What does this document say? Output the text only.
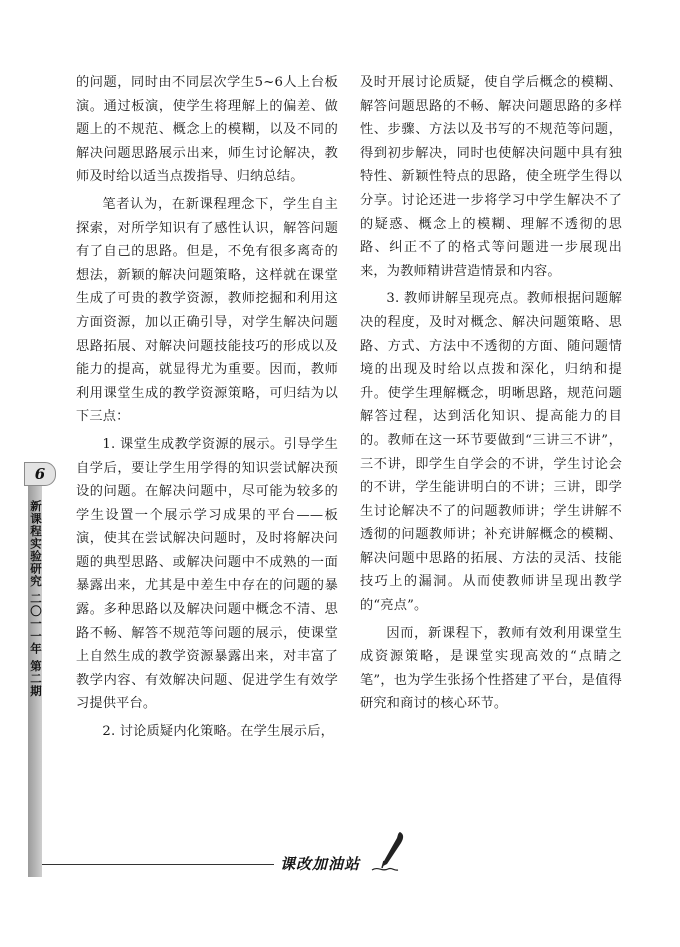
6
新课程实验研究 二〇一一年 第二期

的问题，同时由不同层次学生5~6人上台板演。通过板演，使学生将理解上的偏差、做题上的不规范、概念上的模糊，以及不同的解决问题思路展示出来，师生讨论解决，教师及时给以适当点拨指导、归纳总结。

笔者认为，在新课程理念下，学生自主探索，对所学知识有了感性认识，解答问题有了自己的思路。但是，不免有很多离奇的想法，新颖的解决问题策略，这样就在课堂生成了可贵的教学资源，教师挖掘和利用这方面资源，加以正确引导，对学生解决问题思路拓展、对解决问题技能技巧的形成以及能力的提高，就显得尤为重要。因而，教师利用课堂生成的教学资源策略，可归结为以下三点：

1. 课堂生成教学资源的展示。引导学生自学后，要让学生用学得的知识尝试解决预设的问题。在解决问题中，尽可能为较多的学生设置一个展示学习成果的平台——板演，使其在尝试解决问题时，及时将解决问题的典型思路、或解决问题中不成熟的一面暴露出来，尤其是中差生中存在的问题的暴露。多种思路以及解决问题中概念不清、思路不畅、解答不规范等问题的展示，使课堂上自然生成的教学资源暴露出来，对丰富了教学内容、有效解决问题、促进学生有效学习提供平台。

2. 讨论质疑内化策略。在学生展示后，

及时开展讨论质疑，使自学后概念的模糊、解答问题思路的不畅、解决问题思路的多样性、步骤、方法以及书写的不规范等问题，得到初步解决，同时也使解决问题中具有独特性、新颖性特点的思路，使全班学生得以分享。讨论还进一步将学习中学生解决不了的疑惑、概念上的模糊、理解不透彻的思路、纠正不了的格式等问题进一步展现出来，为教师精讲营造情景和内容。

3. 教师讲解呈现亮点。教师根据问题解决的程度，及时对概念、解决问题策略、思路、方式、方法中不透彻的方面、随问题情境的出现及时给以点拨和深化，归纳和提升。使学生理解概念，明晰思路，规范问题解答过程，达到活化知识、提高能力的目的。教师在这一环节要做到“三讲三不讲”，三不讲，即学生自学会的不讲，学生讨论会的不讲，学生能讲明白的不讲；三讲，即学生讨论解决不了的问题教师讲；学生讲解不透彻的问题教师讲；补充讲解概念的模糊、解决问题中思路的拓展、方法的灵活、技能技巧上的漏洞。从而使教师讲呈现出教学的“亮点”。

因而，新课程下，教师有效利用课堂生成资源策略，是课堂实现高效的“点睛之笔”，也为学生张扬个性搭建了平台，是值得研究和商讨的核心环节。

课改加油站
